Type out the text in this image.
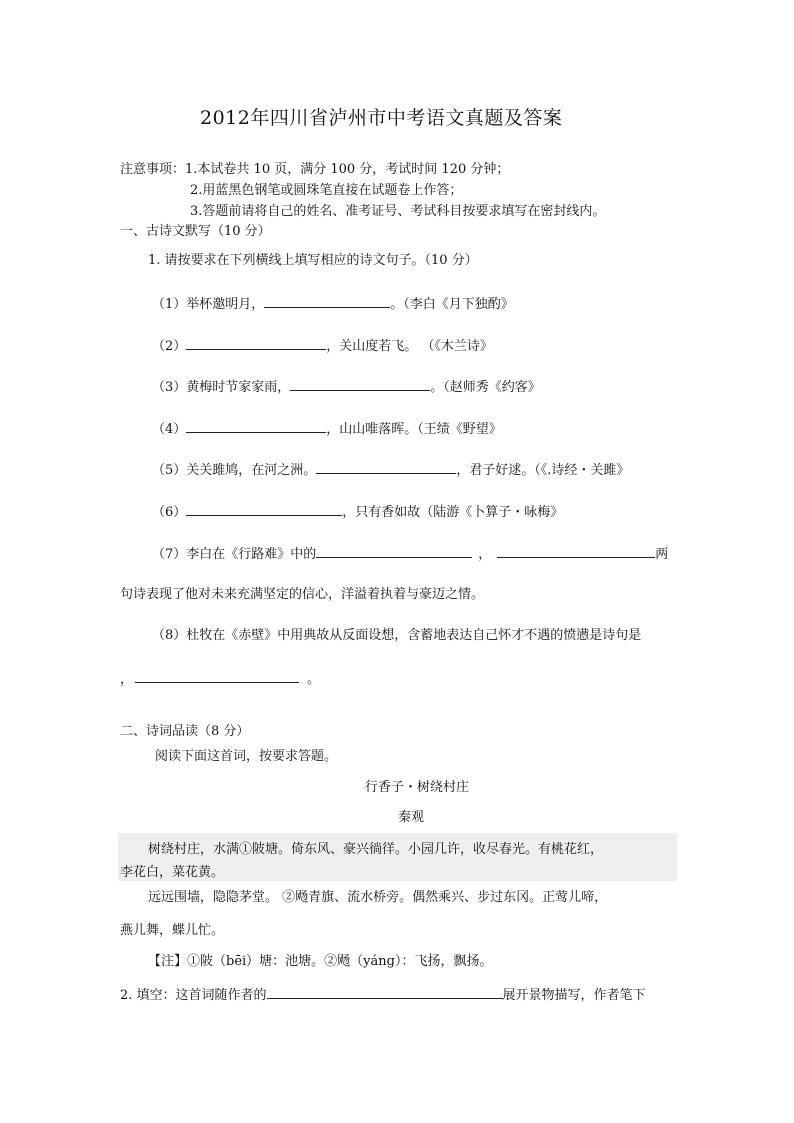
2012年四川省泸州市中考语文真题及答案
注意事项：1.本试卷共 10 页，满分 100 分，考试时间 120 分钟；
2.用蓝黑色钢笔或圆珠笔直接在试题卷上作答；
3.答题前请将自己的姓名、准考证号、考试科目按要求填写在密封线内。
一、古诗文默写（10 分）
1. 请按要求在下列横线上填写相应的诗文句子。（10 分）
（1）举杯邀明月，	。（李白《月下独酌》
（2）	，关山度若飞。 （《木兰诗》
（3）黄梅时节家家雨，	。（赵师秀《约客》
（4）	，山山唯落晖。（王绩《野望》
（5）关关雎鸠，在河之洲。	，君子好逑。（《.诗经・关雎》
（6）	，只有香如故（陆游《卜算子・咏梅》
（7）李白在《行路难》中的	，	两
句诗表现了他对未来充满坚定的信心，洋溢着执着与豪迈之情。
（8）杜牧在《赤壁》中用典故从反面设想，含蓄地表达自己怀才不遇的愤懑是诗句是
，	。
二、诗词品读（8 分）
阅读下面这首词，按要求答题。
行香子・树绕村庄
秦观
树绕村庄，水满①陂塘。倚东风、豪兴徜徉。小园几许，收尽春光。有桃花红，
李花白，菜花黄。
远远围墙，隐隐茅堂。 ②飏青旗、流水桥旁。偶然乘兴、步过东冈。正莺儿啼，
燕儿舞，蝶儿忙。
【注】①陂（bēi）塘：池塘。②飏（yáng）：飞扬，飘扬。
2. 填空：这首词随作者的	展开景物描写，作者笔下
